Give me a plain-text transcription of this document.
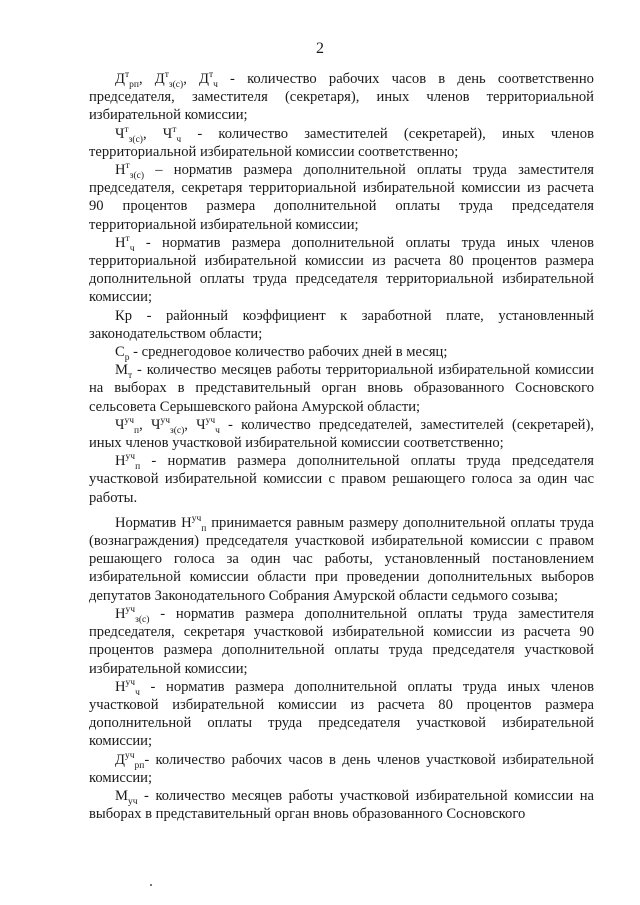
2

$Д^т_{рп}$, $Д^т_{з(с)}$, $Д^т_ч$ - количество рабочих часов в день соответственно председателя, заместителя (секретаря), иных членов территориальной избирательной комиссии;

$Ч^т_{з(с)}$, $Ч^т_ч$ - количество заместителей (секретарей), иных членов территориальной избирательной комиссии соответственно;

$Н^т_{з(с)}$ – норматив размера дополнительной оплаты труда заместителя председателя, секретаря территориальной избирательной комиссии из расчета 90 процентов размера дополнительной оплаты труда председателя территориальной избирательной комиссии;

$Н^т_ч$ - норматив размера дополнительной оплаты труда иных членов территориальной избирательной комиссии из расчета 80 процентов размера дополнительной оплаты труда председателя территориальной избирательной комиссии;

Кр - районный коэффициент к заработной плате, установленный законодательством области;

$С_р$ - среднегодовое количество рабочих дней в месяц;

$М_т$ - количество месяцев работы территориальной избирательной комиссии на выборах в представительный орган вновь образованного Сосновского сельсовета Серышевского района Амурской области;

$Ч^{уч}_п$, $Ч^{уч}_{з(с)}$, $Ч^{уч}_ч$ - количество председателей, заместителей (секретарей), иных членов участковой избирательной комиссии соответственно;

$Н^{уч}_п$ - норматив размера дополнительной оплаты труда председателя участковой избирательной комиссии с правом решающего голоса за один час работы.

Норматив $Н^{уч}_п$ принимается равным размеру дополнительной оплаты труда (вознаграждения) председателя участковой избирательной комиссии с правом решающего голоса за один час работы, установленный постановлением избирательной комиссии области при проведении дополнительных выборов депутатов Законодательного Собрания Амурской области седьмого созыва;

$Н^{уч}_{з(с)}$ - норматив размера дополнительной оплаты труда заместителя председателя, секретаря участковой избирательной комиссии из расчета 90 процентов размера дополнительной оплаты труда председателя участковой избирательной комиссии;

$Н^{уч}_ч$ - норматив размера дополнительной оплаты труда иных членов участковой избирательной комиссии из расчета 80 процентов размера дополнительной оплаты труда председателя участковой избирательной комиссии;

$Д^{уч}_{рп}-$ количество рабочих часов в день членов участковой избирательной комиссии;

$М_{уч}$ - количество месяцев работы участковой избирательной комиссии на выборах в представительный орган вновь образованного Сосновского
